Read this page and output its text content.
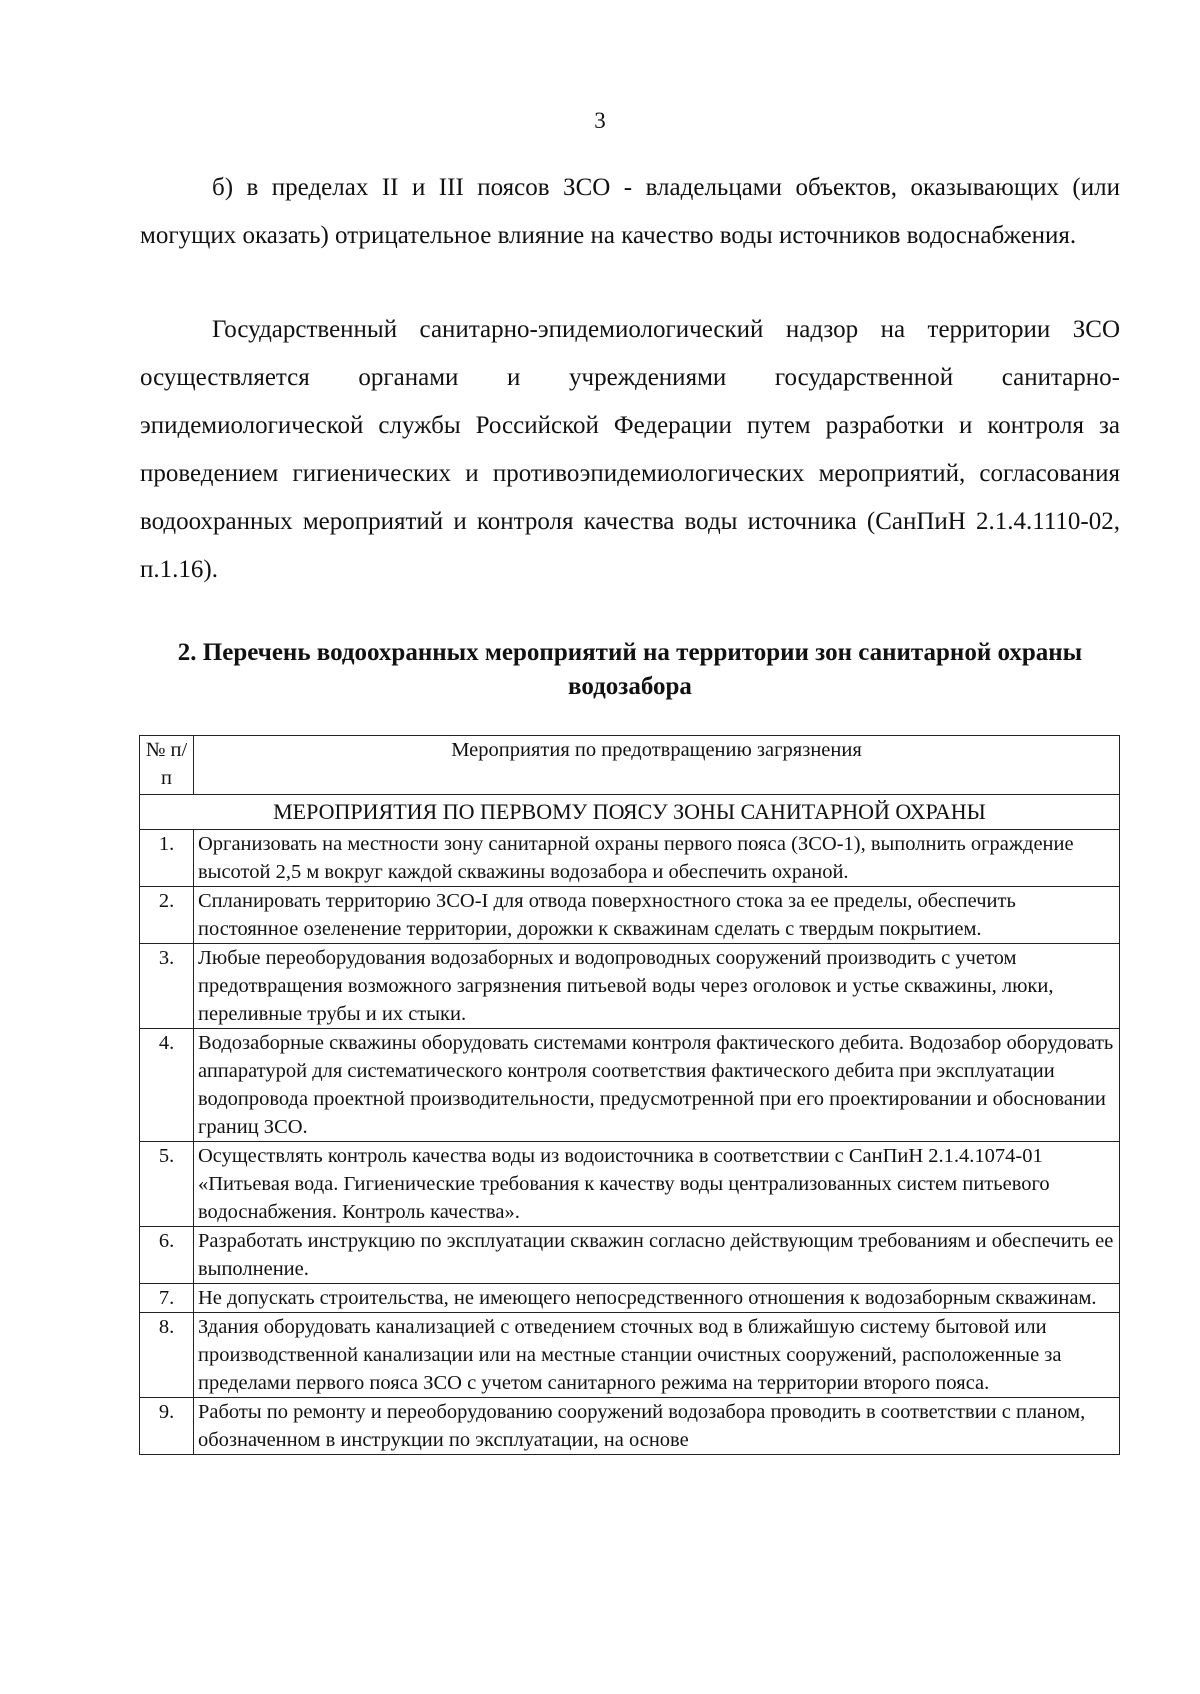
3

б) в пределах II и III поясов ЗСО - владельцами объектов, оказывающих (или могущих оказать) отрицательное влияние на качество воды источников водоснабжения.

Государственный санитарно-эпидемиологический надзор на территории ЗСО осуществляется органами и учреждениями государственной санитарно-эпидемиологической службы Российской Федерации путем разработки и контроля за проведением гигиенических и противоэпидемиологических мероприятий, согласования водоохранных мероприятий и контроля качества воды источника (СанПиН 2.1.4.1110-02, п.1.16).

2. Перечень водоохранных мероприятий на территории зон санитарной охраны водозабора
№ п/п	Мероприятия по предотвращению загрязнения
МЕРОПРИЯТИЯ ПО ПЕРВОМУ ПОЯСУ ЗОНЫ САНИТАРНОЙ ОХРАНЫ	
1.	Организовать на местности зону санитарной охраны первого пояса (ЗСО-1), выполнить ограждение высотой 2,5 м вокруг каждой скважины водозабора и обеспечить охраной.
2.	Спланировать территорию ЗСО-I для отвода поверхностного стока за ее пределы, обеспечить постоянное озеленение территории, дорожки к скважинам сделать с твердым покрытием.
3.	Любые переоборудования водозаборных и водопроводных сооружений производить с учетом предотвращения возможного загрязнения питьевой воды через оголовок и устье скважины, люки, переливные трубы и их стыки.
4.	Водозаборные скважины оборудовать системами контроля фактического дебита. Водозабор оборудовать аппаратурой для систематического контроля соответствия фактического дебита при эксплуатации водопровода проектной производительности, предусмотренной при его проектировании и обосновании границ ЗСО.
5.	Осуществлять контроль качества воды из водоисточника в соответствии с СанПиН 2.1.4.1074-01 «Питьевая вода. Гигиенические требования к качеству воды централизованных систем питьевого водоснабжения. Контроль качества».
6.	Разработать инструкцию по эксплуатации скважин согласно действующим требованиям и обеспечить ее выполнение.
7.	Не допускать строительства, не имеющего непосредственного отношения к водозаборным скважинам.
8.	Здания оборудовать канализацией с отведением сточных вод в ближайшую систему бытовой или производственной канализации или на местные станции очистных сооружений, расположенные за пределами первого пояса ЗСО с учетом санитарного режима на территории второго пояса.
9.	Работы по ремонту и переоборудованию сооружений водозабора проводить в соответствии с планом, обозначенном в инструкции по эксплуатации, на основе
